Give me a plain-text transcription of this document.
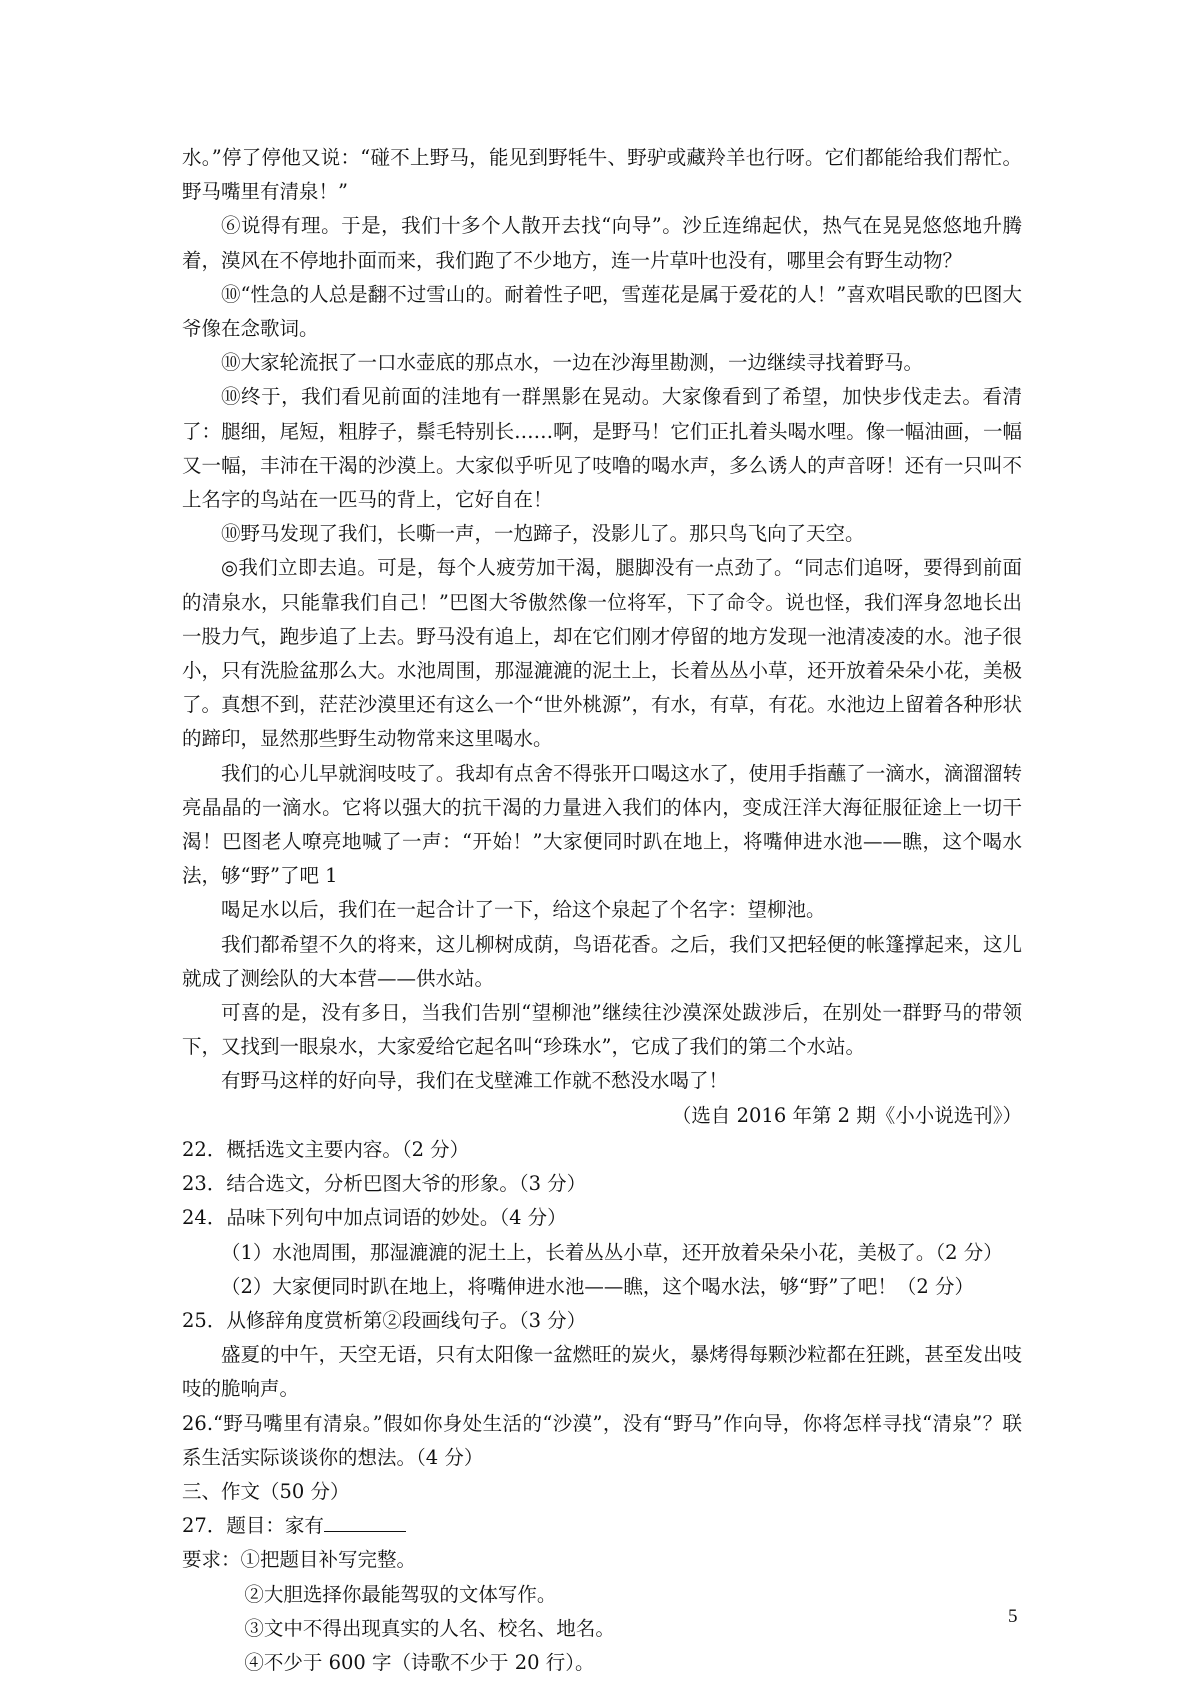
水。”停了停他又说：“碰不上野马，能见到野牦牛、野驴或藏羚羊也行呀。它们都能给我们帮忙。野马嘴里有清泉！”

⑥说得有理。于是，我们十多个人散开去找“向导”。沙丘连绵起伏，热气在晃晃悠悠地升腾着，漠风在不停地扑面而来，我们跑了不少地方，连一片草叶也没有，哪里会有野生动物？

⑩“性急的人总是翻不过雪山的。耐着性子吧，雪莲花是属于爱花的人！”喜欢唱民歌的巴图大爷像在念歌词。

⑩大家轮流抿了一口水壶底的那点水，一边在沙海里勘测，一边继续寻找着野马。

⑩终于，我们看见前面的洼地有一群黑影在晃动。大家像看到了希望，加快步伐走去。看清了：腿细，尾短，粗脖子，鬃毛特别长……啊，是野马！它们正扎着头喝水哩。像一幅油画，一幅又一幅，丰沛在干渴的沙漠上。大家似乎听见了吱噜的喝水声，多么诱人的声音呀！还有一只叫不上名字的鸟站在一匹马的背上，它好自在！

⑩野马发现了我们，长嘶一声，一尥蹄子，没影儿了。那只鸟飞向了天空。

◎我们立即去追。可是，每个人疲劳加干渴，腿脚没有一点劲了。“同志们追呀，要得到前面的清泉水，只能靠我们自己！”巴图大爷傲然像一位将军，下了命令。说也怪，我们浑身忽地长出一股力气，跑步追了上去。野马没有追上，却在它们刚才停留的地方发现一池清凌凌的水。池子很小，只有洗脸盆那么大。水池周围，那湿漉漉的泥土上，长着丛丛小草，还开放着朵朵小花，美极了。真想不到，茫茫沙漠里还有这么一个“世外桃源”，有水，有草，有花。水池边上留着各种形状的蹄印，显然那些野生动物常来这里喝水。

我们的心儿早就润吱吱了。我却有点舍不得张开口喝这水了，使用手指蘸了一滴水，滴溜溜转亮晶晶的一滴水。它将以强大的抗干渴的力量进入我们的体内，变成汪洋大海征服征途上一切干渴！巴图老人嘹亮地喊了一声：“开始！”大家便同时趴在地上，将嘴伸进水池——瞧，这个喝水法，够“野”了吧 1

喝足水以后，我们在一起合计了一下，给这个泉起了个名字：望柳池。

我们都希望不久的将来，这儿柳树成荫，鸟语花香。之后，我们又把轻便的帐篷撑起来，这儿就成了测绘队的大本营——供水站。

可喜的是，没有多日，当我们告别“望柳池”继续往沙漠深处跋涉后，在别处一群野马的带领下，又找到一眼泉水，大家爱给它起名叫“珍珠水”，它成了我们的第二个水站。

有野马这样的好向导，我们在戈壁滩工作就不愁没水喝了！

（选自 2016 年第 2 期《小小说选刊》）

22．概括选文主要内容。（2 分）

23．结合选文，分析巴图大爷的形象。（3 分）

24．品味下列句中加点词语的妙处。（4 分）

（1）水池周围，那湿漉漉的泥土上，长着丛丛小草，还开放着朵朵小花，美极了。（2 分）

（2）大家便同时趴在地上，将嘴伸进水池——瞧，这个喝水法，够“野”了吧！（2 分）

25．从修辞角度赏析第②段画线句子。（3 分）

盛夏的中午，天空无语，只有太阳像一盆燃旺的炭火，暴烤得每颗沙粒都在狂跳，甚至发出吱吱的脆响声。

26.“野马嘴里有清泉。”假如你身处生活的“沙漠”，没有“野马”作向导，你将怎样寻找“清泉”？联系生活实际谈谈你的想法。（4 分）

三、作文（50 分）

27．题目：家有

要求：①把题目补写完整。

②大胆选择你最能驾驭的文体写作。

③文中不得出现真实的人名、校名、地名。

④不少于 600 字（诗歌不少于 20 行）。

5
